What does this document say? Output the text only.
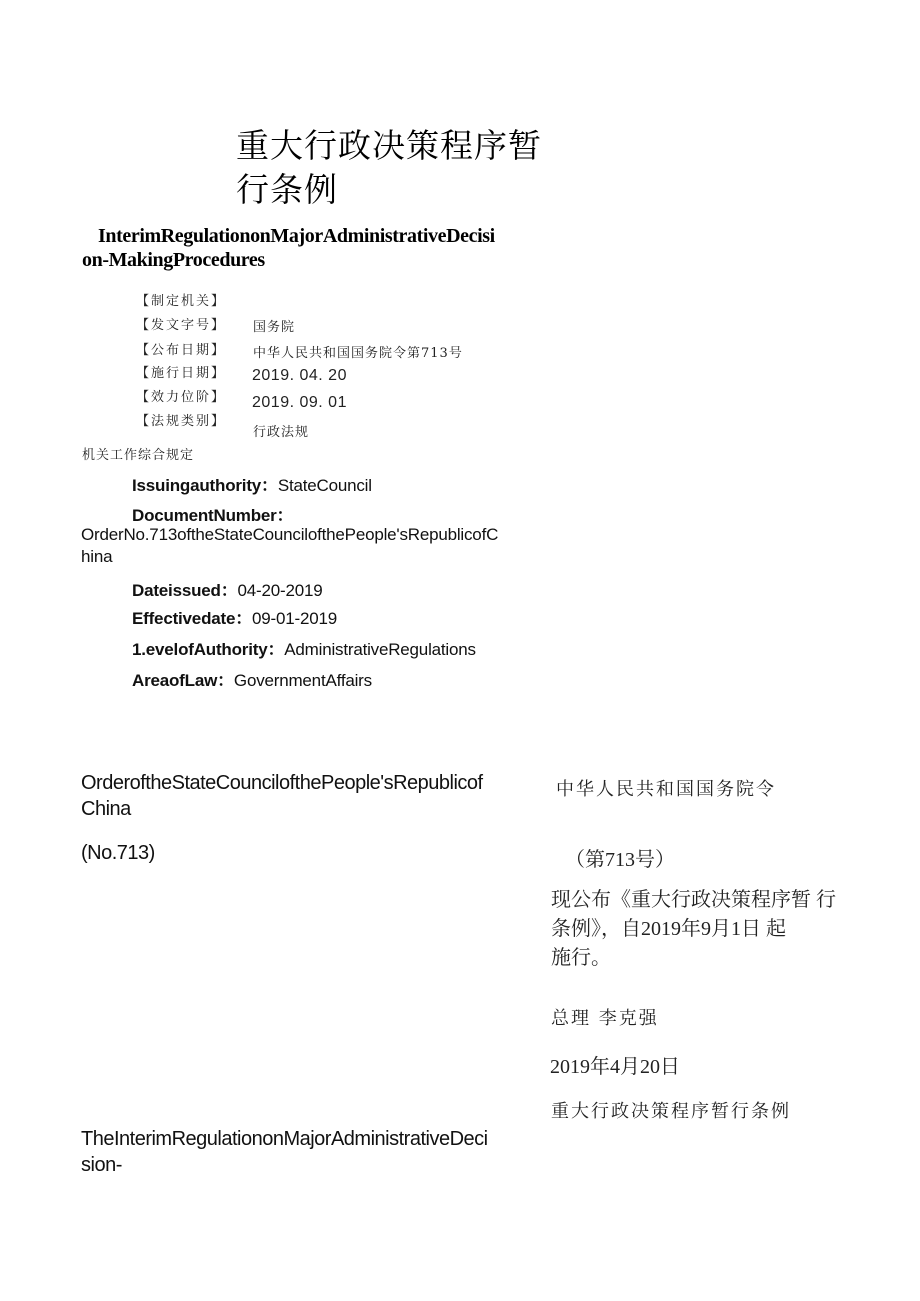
重大行政决策程序暂
行条例
InterimRegulationonMajorAdministrativeDecisi
on-MakingProcedures
【制定机关】
【发文字号】
【公布日期】
【施行日期】
【效力位阶】
【法规类别】
国务院
中华人民共和国国务院令第713号
2019. 04. 20
2019. 09. 01
行政法规
机关工作综合规定
Issuingauthority：StateCouncil
DocumentNumber：
OrderNo.713oftheStateCouncilofthePeople'sRepublicofC
hina
Dateissued：04-20-2019
Effectivedate：09-01-2019
1.evelofAuthority：AdministrativeRegulations
AreaofLaw：GovernmentAffairs
OrderoftheStateCouncilofthePeople'sRepublicof
China
(No.713)
TheInterimRegulationonMajorAdministrativeDeci
sion-
中华人民共和国国务院令
（第713号）
现公布《重大行政决策程序暂 行
条例》，自2019年9月1日 起
施行。
总理 李克强
2019年4月20日
重大行政决策程序暂行条例
